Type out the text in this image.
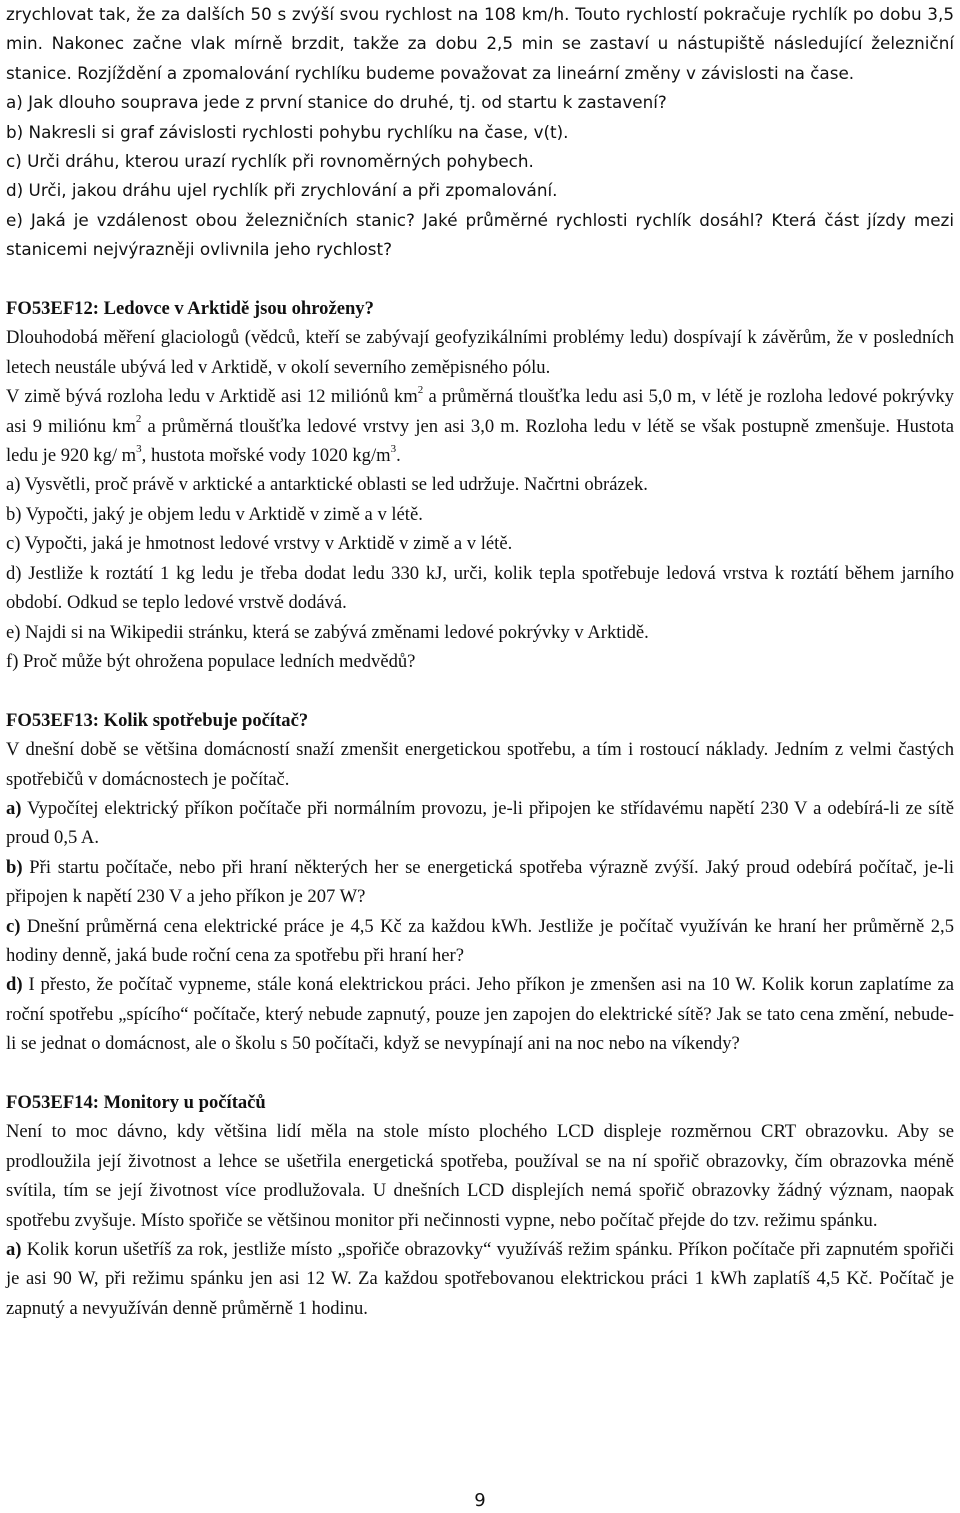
zrychlovat tak, že za dalších 50 s zvýší svou rychlost na 108 km/h. Touto rychlostí pokračuje rychlík po dobu 3,5 min. Nakonec začne vlak mírně brzdit, takže za dobu 2,5 min se zastaví u nástupiště následující železniční stanice. Rozjíždění a zpomalování rychlíku budeme považovat za lineární změny v závislosti na čase.

a) Jak dlouho souprava jede z první stanice do druhé, tj. od startu k zastavení?

b) Nakresli si graf závislosti rychlosti pohybu rychlíku na čase, v(t).

c) Urči dráhu, kterou urazí rychlík při rovnoměrných pohybech.

d) Urči, jakou dráhu ujel rychlík při zrychlování a při zpomalování.

e) Jaká je vzdálenost obou železničních stanic? Jaké průměrné rychlosti rychlík dosáhl? Která část jízdy mezi stanicemi nejvýrazněji ovlivnila jeho rychlost?

FO53EF12: Ledovce v Arktidě jsou ohroženy?

Dlouhodobá měření glaciologů (vědců, kteří se zabývají geofyzikálními problémy ledu) dospívají k závěrům, že v posledních letech neustále ubývá led v Arktidě, v okolí severního zeměpisného pólu.

V zimě bývá rozloha ledu v Arktidě asi 12 miliónů $km^2$ a průměrná tloušťka ledu asi 5,0 m, v létě je rozloha ledové pokrývky asi 9 miliónu $km^2$ a průměrná tloušťka ledové vrstvy jen asi 3,0 m. Rozloha ledu v létě se však postupně zmenšuje. Hustota ledu je 920 kg/ $m^3$, hustota mořské vody 1020 $kg/m^3$.

a) Vysvětli, proč právě v arktické a antarktické oblasti se led udržuje. Načrtni obrázek.

b) Vypočti, jaký je objem ledu v Arktidě v zimě a v létě.

c) Vypočti, jaká je hmotnost ledové vrstvy v Arktidě v zimě a v létě.

d) Jestliže k roztátí 1 kg ledu je třeba dodat ledu 330 kJ, urči, kolik tepla spotřebuje ledová vrstva k roztátí během jarního období. Odkud se teplo ledové vrstvě dodává.

e) Najdi si na Wikipedii stránku, která se zabývá změnami ledové pokrývky v Arktidě.

f) Proč může být ohrožena populace ledních medvědů?

FO53EF13: Kolik spotřebuje počítač?

V dnešní době se většina domácností snaží zmenšit energetickou spotřebu, a tím i rostoucí náklady. Jedním z velmi častých spotřebičů v domácnostech je počítač.

a) Vypočítej elektrický příkon počítače při normálním provozu, je-li připojen ke střídavému napětí 230 V a odebírá-li ze sítě proud 0,5 A.

b) Při startu počítače, nebo při hraní některých her se energetická spotřeba výrazně zvýší. Jaký proud odebírá počítač, je-li připojen k napětí 230 V a jeho příkon je 207 W?

c) Dnešní průměrná cena elektrické práce je 4,5 Kč za každou kWh. Jestliže je počítač využíván ke hraní her průměrně 2,5 hodiny denně, jaká bude roční cena za spotřebu při hraní her?

d) I přesto, že počítač vypneme, stále koná elektrickou práci. Jeho příkon je zmenšen asi na 10 W. Kolik korun zaplatíme za roční spotřebu „spícího“ počítače, který nebude zapnutý, pouze jen zapojen do elektrické sítě? Jak se tato cena změní, nebude-li se jednat o domácnost, ale o školu s 50 počítači, když se nevypínají ani na noc nebo na víkendy?

FO53EF14: Monitory u počítačů

Není to moc dávno, kdy většina lidí měla na stole místo plochého LCD displeje rozměrnou CRT obrazovku. Aby se prodloužila její životnost a lehce se ušetřila energetická spotřeba, používal se na ní spořič obrazovky, čím obrazovka méně svítila, tím se její životnost více prodlužovala. U dnešních LCD displejích nemá spořič obrazovky žádný význam, naopak spotřebu zvyšuje. Místo spořiče se většinou monitor při nečinnosti vypne, nebo počítač přejde do tzv. režimu spánku.

a) Kolik korun ušetříš za rok, jestliže místo „spořiče obrazovky“ využíváš režim spánku. Příkon počítače při zapnutém spořiči je asi 90 W, při režimu spánku jen asi 12 W. Za každou spotřebovanou elektrickou práci 1 kWh zaplatíš 4,5 Kč. Počítač je zapnutý a nevyužíván denně průměrně 1 hodinu.

9
